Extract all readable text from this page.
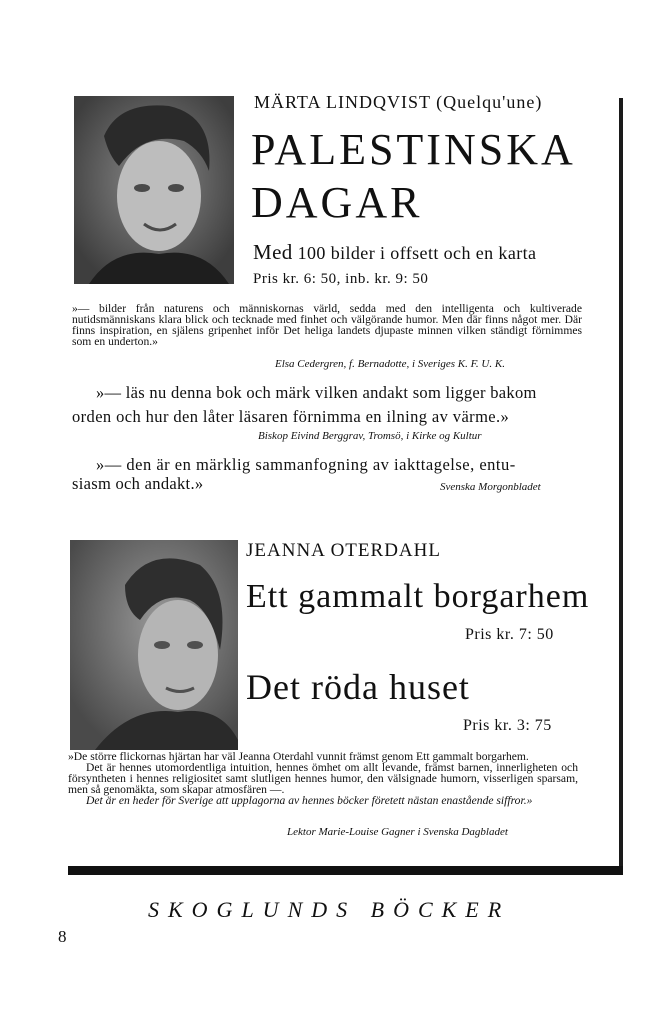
MÄRTA LINDQVIST (Quelqu'une)
PALESTINSKA
DAGAR
Med 100 bilder i offsett och en karta
Pris kr. 6: 50, inb. kr. 9: 50
»— bilder från naturens och människornas värld, sedda med den intelligenta och kultiverade nutidsmänniskans klara blick och tecknade med finhet och välgörande humor. Men där finns något mer. Där finns inspiration, en själens gripenhet inför Det heliga landets djupaste minnen vilken ständigt förnimmes som en underton.»
Elsa Cedergren, f. Bernadotte, i Sveriges K. F. U. K.
»— läs nu denna bok och märk vilken andakt som ligger bakom
orden och hur den låter läsaren förnimma en ilning av värme.»
Biskop Eivind Berggrav, Tromsö, i Kirke og Kultur
»— den är en märklig sammanfogning av iakttagelse, entu-
siasm och andakt.»	Svenska Morgonbladet
JEANNA OTERDAHL
Ett gammalt borgarhem
Pris kr. 7: 50
Det röda huset
Pris kr. 3: 75

»De större flickornas hjärtan har väl Jeanna Oterdahl vunnit främst genom Ett gammalt borgarhem.

Det är hennes utomordentliga intuition, hennes ömhet om allt levande, främst barnen, innerligheten och försyntheten i hennes religiositet samt slutligen hennes humor, den välsignade humorn, visserligen sparsam, men så genomäkta, som skapar atmosfären —.

Det är en heder för Sverige att upplagorna av hennes böcker företett nästan enastående siffror.»

Lektor Marie-Louise Gagner i Svenska Dagbladet
SKOGLUNDS BÖCKER
8
